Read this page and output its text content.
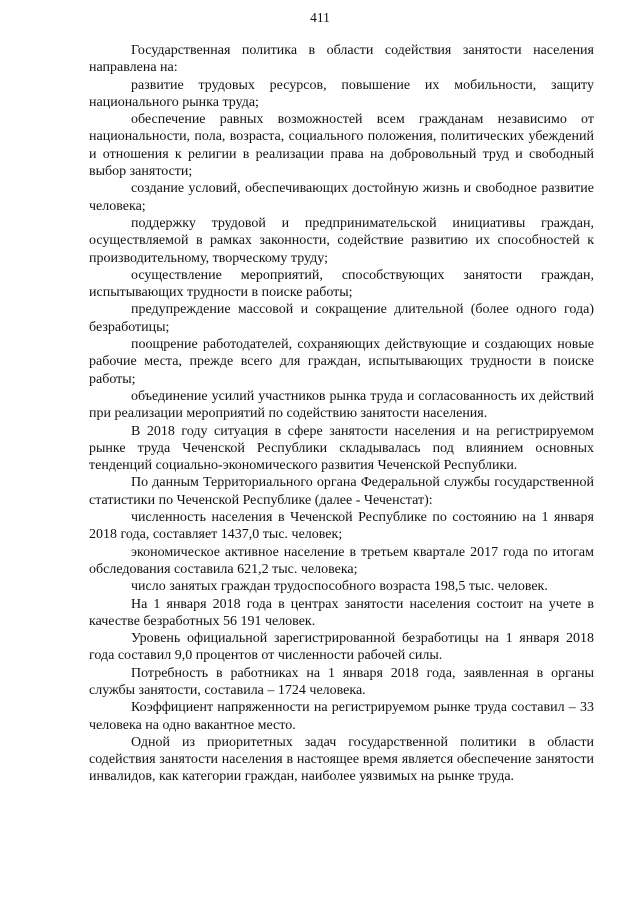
411

Государственная политика в области содействия занятости населения направлена на:

развитие трудовых ресурсов, повышение их мобильности, защиту национального рынка труда;

обеспечение равных возможностей всем гражданам независимо от национальности, пола, возраста, социального положения, политических убеждений и отношения к религии в реализации права на добровольный труд и свободный выбор занятости;

создание условий, обеспечивающих достойную жизнь и свободное развитие человека;

поддержку трудовой и предпринимательской инициативы граждан, осуществляемой в рамках законности, содействие развитию их способностей к производительному, творческому труду;

осуществление мероприятий, способствующих занятости граждан, испытывающих трудности в поиске работы;

предупреждение массовой и сокращение длительной (более одного года) безработицы;

поощрение работодателей, сохраняющих действующие и создающих новые рабочие места, прежде всего для граждан, испытывающих трудности в поиске работы;

объединение усилий участников рынка труда и согласованность их действий при реализации мероприятий по содействию занятости населения.

В 2018 году ситуация в сфере занятости населения и на регистрируемом рынке труда Чеченской Республики складывалась под влиянием основных тенденций социально-экономического развития Чеченской Республики.

По данным Территориального органа Федеральной службы государственной статистики по Чеченской Республике (далее - Чеченстат):

численность населения в Чеченской Республике по состоянию на 1 января 2018 года, составляет 1437,0 тыс. человек;

экономическое активное население в третьем квартале 2017 года по итогам обследования составила 621,2 тыс. человека;

число занятых граждан трудоспособного возраста 198,5 тыс. человек.

На 1 января 2018 года в центрах занятости населения состоит на учете в качестве безработных 56 191 человек.

Уровень официальной зарегистрированной безработицы на 1 января 2018 года составил 9,0 процентов от численности рабочей силы.

Потребность в работниках на 1 января 2018 года, заявленная в органы службы занятости, составила – 1724 человека.

Коэффициент напряженности на регистрируемом рынке труда составил – 33 человека на одно вакантное место.

Одной из приоритетных задач государственной политики в области содействия занятости населения в настоящее время является обеспечение занятости инвалидов, как категории граждан, наиболее уязвимых на рынке труда.
